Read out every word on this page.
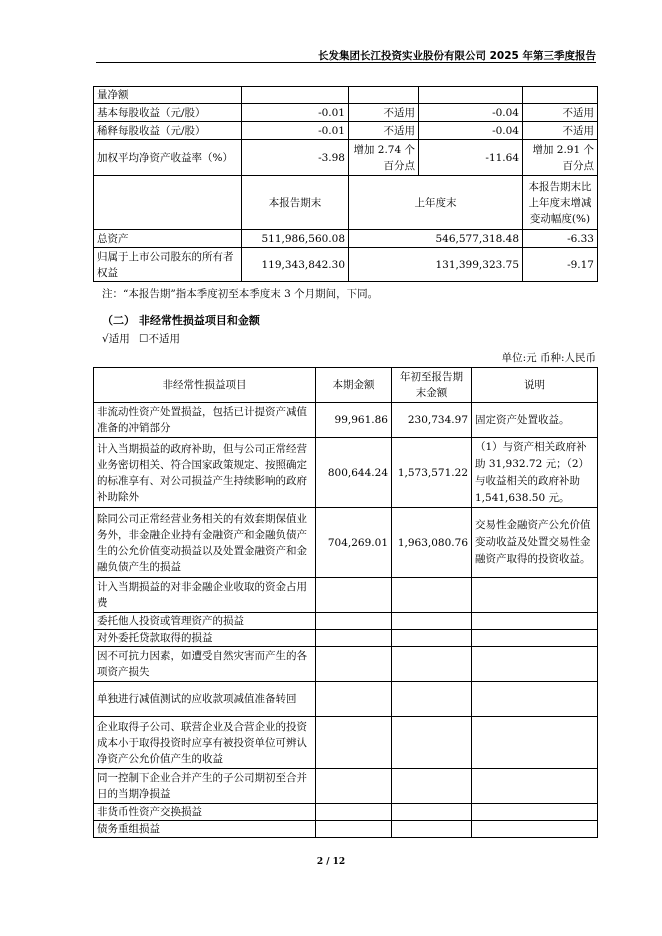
长发集团长江投资实业股份有限公司 2025 年第三季度报告
量净额				
基本每股收益（元/股）	-0.01	不适用	-0.04	不适用
稀释每股收益（元/股）	-0.01	不适用	-0.04	不适用
加权平均净资产收益率（%）	-3.98	增加 2.74 个百分点	-11.64	增加 2.91 个百分点
	本报告期末	上年度末		本报告期末比上年度末增减变动幅度(%)
总资产	511,986,560.08	546,577,318.48		-6.33
归属于上市公司股东的所有者权益	119,343,842.30	131,399,323.75		-9.17
注：“本报告期”指本季度初至本季度末 3 个月期间，下同。
（二） 非经常性损益项目和金额
√适用 ☐不适用
单位:元 币种:人民币
非经常性损益项目	本期金额	年初至报告期末金额	说明
非流动性资产处置损益，包括已计提资产减值准备的冲销部分	99,961.86	230,734.97	固定资产处置收益。
计入当期损益的政府补助，但与公司正常经营业务密切相关、符合国家政策规定、按照确定的标准享有、对公司损益产生持续影响的政府补助除外	800,644.24	1,573,571.22	（1）与资产相关政府补助 31,932.72 元；（2）与收益相关的政府补助 1,541,638.50 元。
除同公司正常经营业务相关的有效套期保值业务外，非金融企业持有金融资产和金融负债产生的公允价值变动损益以及处置金融资产和金融负债产生的损益	704,269.01	1,963,080.76	交易性金融资产公允价值变动收益及处置交易性金融资产取得的投资收益。
计入当期损益的对非金融企业收取的资金占用费			
委托他人投资或管理资产的损益			
对外委托贷款取得的损益			
因不可抗力因素，如遭受自然灾害而产生的各项资产损失			
单独进行减值测试的应收款项减值准备转回			
企业取得子公司、联营企业及合营企业的投资成本小于取得投资时应享有被投资单位可辨认净资产公允价值产生的收益			
同一控制下企业合并产生的子公司期初至合并日的当期净损益			
非货币性资产交换损益			
债务重组损益			
2 / 12
